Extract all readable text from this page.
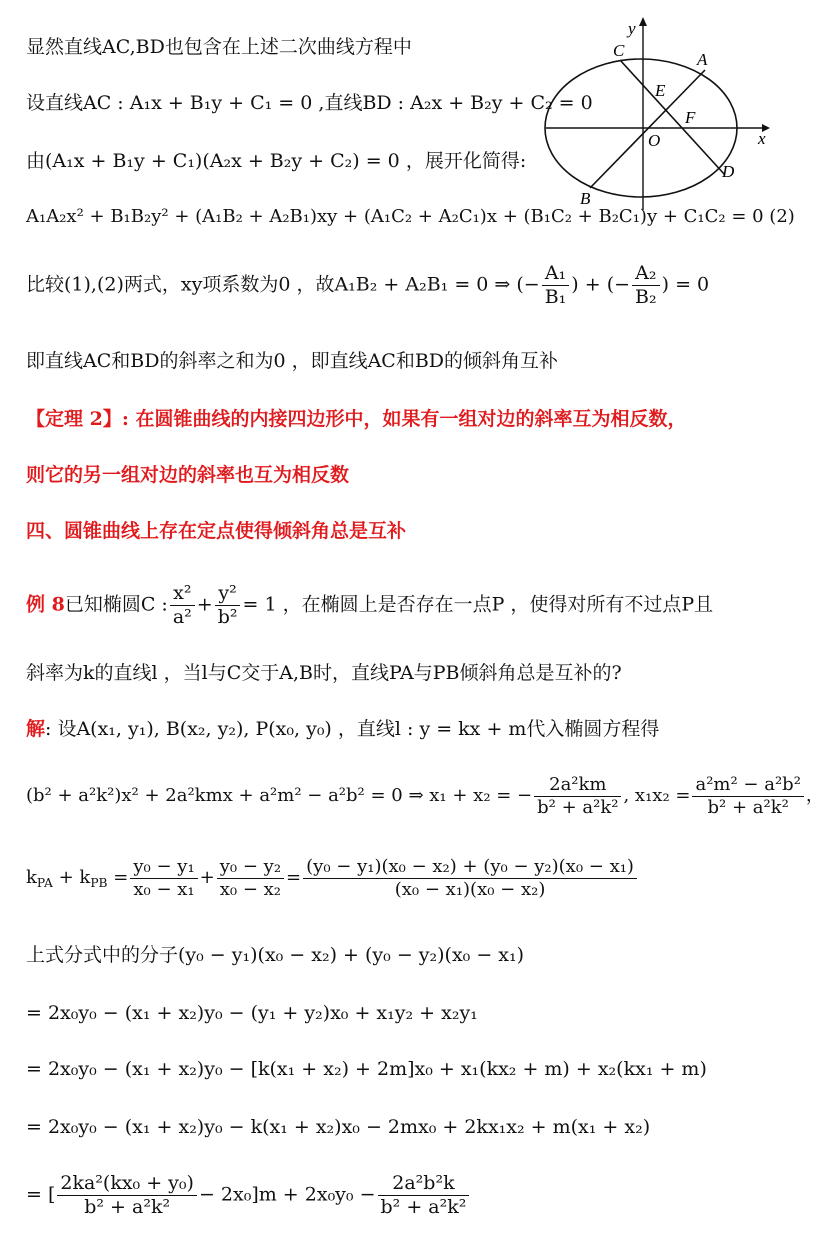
y
x
C	A
E
F
O
B
D
显然直线AC,BD也包含在上述二次曲线方程中
设直线AC : A₁x + B₁y + C₁ = 0 ,直线BD : A₂x + B₂y + C₂ = 0
由(A₁x + B₁y + C₁)(A₂x + B₂y + C₂) = 0 ，展开化简得:
A₁A₂x² + B₁B₂y² + (A₁B₂ + A₂B₁)xy + (A₁C₂ + A₂C₁)x + (B₁C₂ + B₂C₁)y + C₁C₂ = 0 (2)
比较(1),(2)两式，xy项系数为0 ，故A₁B₂ + A₂B₁ = 0 ⇒ (− $\frac{\text{A₁}}{\text{B₁}}$ ) + (− $\frac{\text{A₂}}{\text{B₂}}$ ) = 0
即直线AC和BD的斜率之和为0 ，即直线AC和BD的倾斜角互补
【定理 2】: 在圆锥曲线的内接四边形中，如果有一组对边的斜率互为相反数，
则它的另一组对边的斜率也互为相反数
四、圆锥曲线上存在定点使得倾斜角总是互补
例 8已知椭圆C : $\frac{\text{x²}}{\text{a²}} + \frac{\text{y²}}{\text{b²}} = 1$ ，在椭圆上是否存在一点P ，使得对所有不过点P且
斜率为k的直线l ，当l与C交于A,B时，直线PA与PB倾斜角总是互补的?
解: 设A(x₁, y₁), B(x₂, y₂), P(x₀, y₀) ，直线l : y = kx + m代入椭圆方程得
(b² + a²k²)x² + 2a²kmx + a²m² − a²b² = 0 ⇒ x₁ + x₂ = − $\frac{\text{2a²km}}{\text{b² + a²k²}}$ , $x_1x_2 = \frac{\text{a²m² − a²b²}}{\text{b² + a²k²}}$ ，
$k_{PA} + k_{PB} = \frac{\text{y₀ − y₁}}{\text{x₀ − x₁}} + \frac{\text{y₀ − y₂}}{\text{x₀ − x₂}} = \frac{\text{(y₀ − y₁)(x₀ − x₂) + (y₀ − y₂)(x₀ − x₁)}}{\text{(x₀ − x₁)(x₀ − x₂)}}$
上式分式中的分子(y₀ − y₁)(x₀ − x₂) + (y₀ − y₂)(x₀ − x₁)
= 2x₀y₀ − (x₁ + x₂)y₀ − (y₁ + y₂)x₀ + x₁y₂ + x₂y₁
= 2x₀y₀ − (x₁ + x₂)y₀ − [k(x₁ + x₂) + 2m]x₀ + x₁(kx₂ + m) + x₂(kx₁ + m)
= 2x₀y₀ − (x₁ + x₂)y₀ − k(x₁ + x₂)x₀ − 2mx₀ + 2kx₁x₂ + m(x₁ + x₂)
= [ $\frac{\text{2ka²(kx₀ + y₀)}}{\text{b² + a²k²}} - 2x_0]m + 2x_0y_0 - \frac{\text{2a²b²k}}{\text{b² + a²k²}}$
